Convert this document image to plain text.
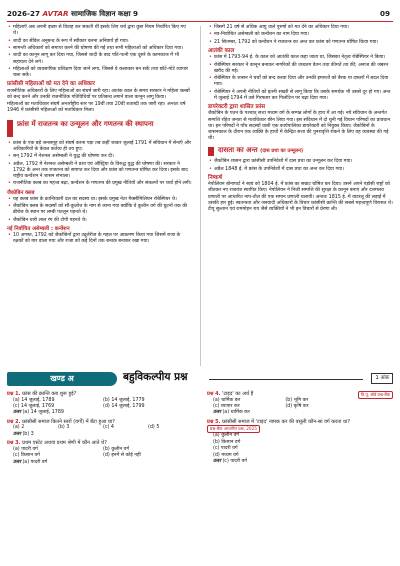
2026-27 AVTAR सामाजिक विज्ञान कक्षा 9	09
• महिलाएँ अब अपनी इच्छा से विवाह कर सकती थीं इसके लिए चर्च द्वारा कुछ नियम निर्धारित किए गए थे।
• शादी का सेविल अनुबन्ध के रूप में स्वीकार करना अनिवार्य हो गया।
• सामन्ती अधिकारों को समाप्त करने की घोषणा की गई तथा सभी महिलाओं को अधिकार दिया गया।
• शादी का कानून लागू कर दिया गया, जिससे शादी के बाद पति-पत्नी एक दूसरे के कामकाज में भी सहायता देने लगे।
• महिलाओं को व्यवसायिक प्रशिक्षण दिया जाने लगा, जिससे वे कलाकार बन सकें तथा छोटे-मोटे व्यापार चला सकें।
फ्रांसीसी महिलाओं को मत देने का अधिकार
राजनीतिक अधिकारों के लिए महिलाओं का संघर्ष जारी रहा। आतंक काल के समय सरकार ने महिला क्लबों को बन्द करने और उनकी राजनीतिक गतिविधियों पर प्रतिबन्ध लगाने वाला कानून लागू किया।
महिलाओं का मताधिकार संघर्ष अन्तर्राष्ट्रीय स्तर पर 19वीं तथा 20वीं शताब्दी तक जारी रहा। अन्ततः वर्ष 1946 में फ्रांसीसी महिलाओं को मताधिकार मिला।
फ्रांस में राजतन्त्र का उन्मूलन और गणतन्त्र की स्थापना
• फ्रांस के एक बड़े जनसमूह को संघर्ष करना पड़ा तब कहीं जाकर जुलाई 1791 में संविधान में सेनाएँ और अधिकारियों के केवल कर्तव्य ही तय हुए।
• सन् 1792 में नेशनल असेम्बली ने युद्ध की घोषणा कर दी।
• अप्रैल, 1792 में नेशनल असेम्बली ने प्रशा एवं ऑस्ट्रिया के विरुद्ध युद्ध की घोषणा की। सरकार ने 1792 के अन्त तक राजतन्त्र को समाप्त कर दिया और फ्रांस को गणतन्त्र घोषित कर दिया। इसके बाद राष्ट्रीय कन्वेंशन ने शासन संभाला।
• राजनीतिक क्लब का महत्त्व बढ़ा, कन्वेंशन के गणतन्त्र की प्रमुख नीतियों और संकल्पों पर चर्चा होने लगी।
जैकोबिन क्लब
• यह क्लब फ्रांस के क्रान्तिकारी दल का सदस्य था। इसके प्रमुख नेता मैक्सीमिलियन रोबेस्पियर थे।
• जैकोबिन क्लब के सदस्यों को सौं-कुलोत्त के नाम से जाना गया क्योंकि वे कुलीन वर्ग की घुटनों तक की ब्रीचेज के स्थान पर लम्बी पतलून पहनते थे।
• जैकोबिन धारी लाल रंग की टोपी पहनते थे।
नई निर्वाचित असेम्बली : कन्वेंशन
• 10 अगस्त, 1792 को जैकोबिनों द्वारा ट्यूलेरीज के महल पर आक्रमण किया गया जिसमें राजा के रक्षकों को मार डाला गया और राजा को कई दिनों तक बन्धक बनाकर रखा गया।
• जिसमें 21 वर्ष से अधिक आयु वाले पुरुषों को मत देने का अधिकार दिया गया।
• नव-निर्वाचित असेम्बली को कन्वेंशन का नाम दिया गया।
• 21 सितम्बर, 1792 को कन्वेंशन ने राजतन्त्र का अन्त कर फ्रांस को गणतन्त्र घोषित किया गया।
आतंकी काल
• फ्रांस में 1793-94 ई. के काल को आतंकी काल कहा जाता था, जिसका नेतृत्व रोबेस्पियर ने किया।
• रोबेस्पियर सरकार ने कानून बनाकर नागरिकों की उच्चतम वेतन तथा कीमतें तय कीं; अनाज की जबरन खरीद की गई।
• रोबेस्पियर के शासन ने चर्चों को बन्द करवा दिया और उनकी इमारतों को बैरक या दफ्तरों में बदल दिया गया।
• रोबेस्पियर ने अपनी नीतियों को इतनी सख्ती से लागू किया कि उसके समर्थक भी उससे दूर हो गए। अन्त में जुलाई 1794 में उसे गिरफ्तार कर गिलोटिन पर चढ़ा दिया गया।
डायरेक्टरी द्वारा शासित फ्रांस
जैकोबिन के पतन के पश्चात् सत्ता मध्यम वर्ग के सम्पन्न लोगों के हाथ में आ गई। नये संविधान के अन्तर्गत सम्पत्ति रहित जनता से मताधिकार छीन लिया गया। इस संविधान में दो चुनी गई विधान परिषदों का प्रावधान था। इन परिषदों ने पाँच सदस्यों वाली एक कार्यपालिका डायरेक्टरी को नियुक्त किया। जैकोबिनों के शासनकाल के दौरान एक व्यक्ति के हाथों में केन्द्रित सत्ता की पुनरावृत्ति रोकने के लिए यह व्यवस्था की गई थी।
दासता का अन्त (दास प्रथा का उन्मूलन)
• जैकोबिन शासन द्वारा फ्रांसीसी उपनिवेशों में दास प्रथा का उन्मूलन कर दिया गया।
• अप्रैल 1848 ई. में फ्रांस के उपनिवेशों में दास प्रथा का अन्त कर दिया गया।
निष्कर्ष
नेपोलियन बोनापार्ट ने स्वयं को 1804 ई. में फ्रांस का सम्राट घोषित कर दिया। उसने अपने पड़ोसी राष्ट्रों को जीतकर नए राजवंश स्थापित किए। नेपोलियन ने निजी सम्पत्ति की सुरक्षा के कानून बनाए और दशमलव प्रणाली पर आधारित नाप-तौल की एक समान प्रणाली चलायी। अन्ततः 1815 ई. में वाटरलू की लड़ाई में उसकी हार हुई। स्वतन्त्रता और जनवादी अधिकारों के विचार फ्रांसीसी क्रान्ति की सबसे महत्त्वपूर्ण विरासत थे। टीपू सुल्तान एवं राममोहन राय जैसे व्यक्तियों ने भी इन विचारों से प्रेरणा ली।
खण्ड अ	बहुविकल्पीय प्रश्न	1 अंक
प्रश्न 1. फ्रांस की क्रान्ति कब शुरू हुई?
(a) 14 जुलाई, 1789	(b) 14 जुलाई, 1779
(c) 14 जुलाई, 1769	(d) 14 जुलाई, 1799
उत्तर (a) 14 जुलाई, 1789
प्रश्न 2. फ्रांसीसी समाज कितने स्तरों (वर्गों) में बँटा हुआ था?
(a) 2	(b) 3	(c) 4	(d) 5
उत्तर (b) 3
प्रश्न 3. प्रथम एस्टेट अथवा प्रथम श्रेणी में कौन आते थे?
(a) पादरी वर्ग	(b) कुलीन वर्ग
(c) किसान वर्ग	(d) इनमें से कोई नहीं
उत्तर (a) पादरी वर्ग
वि.पू. बोर्ड प्रश्न-बैंक
प्रश्न 4. 'टाइद' का अर्थ है
(a) धार्मिक कर	(b) भूमि कर
(c) व्यापार कर	(d) कृषि कर
उत्तर (a) धार्मिक कर
प्रश्न 5. फ्रांसीसी समाज में 'टाइद' नामक कर की वसूली कौन-सा वर्ग करता था? प्रश्न-बैंक आधारित प्रश्न, 2025
(a) कुलीन वर्ग
(b) किसान वर्ग
(c) पादरी वर्ग
(d) मध्यम वर्ग
उत्तर (c) पादरी वर्ग
